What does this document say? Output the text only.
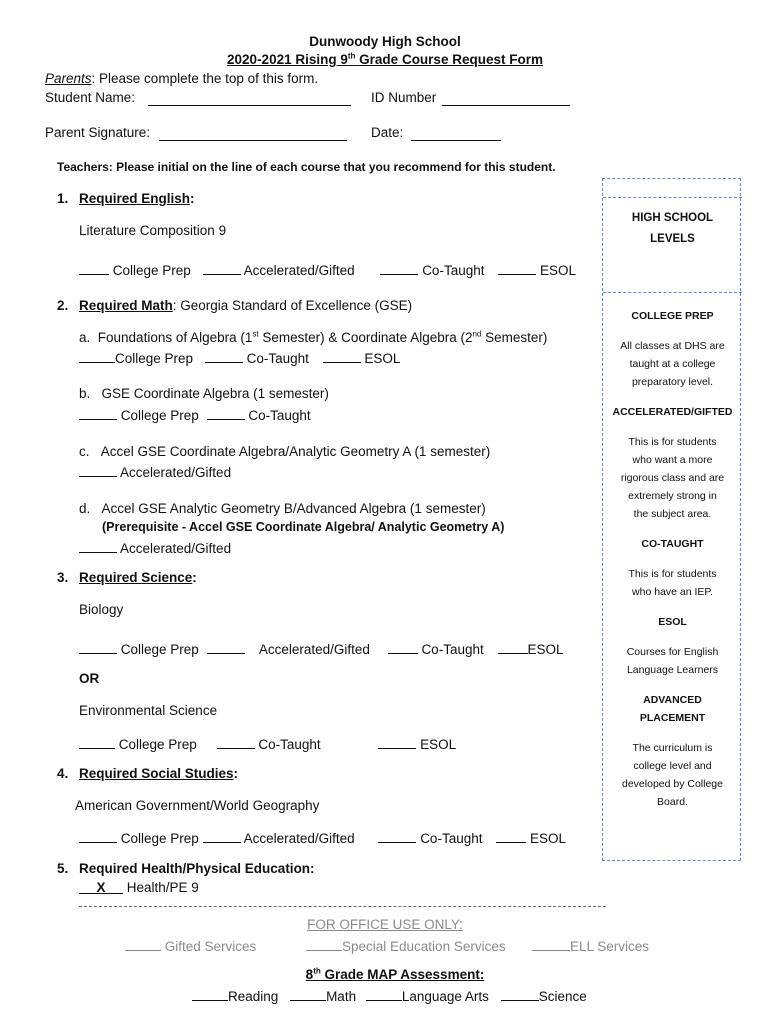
Dunwoody High School
2020-2021 Rising 9th Grade Course Request Form
Parents: Please complete the top of this form.
Student Name:	ID Number
Parent Signature:	Date:
Teachers: Please initial on the line of each course that you recommend for this student.
1. Required English:
Literature Composition 9
College Prep	Accelerated/Gifted	Co-Taught	ESOL
2. Required Math: Georgia Standard of Excellence (GSE)
a. Foundations of Algebra (1st Semester) & Coordinate Algebra (2nd Semester)
College Prep	Co-Taught	ESOL
b. GSE Coordinate Algebra (1 semester)
College Prep	Co-Taught
c. Accel GSE Coordinate Algebra/Analytic Geometry A (1 semester)
Accelerated/Gifted
d. Accel GSE Analytic Geometry B/Advanced Algebra (1 semester)
(Prerequisite - Accel GSE Coordinate Algebra/ Analytic Geometry A)
Accelerated/Gifted
3. Required Science:
Biology
College Prep	Accelerated/Gifted	Co-Taught	ESOL
OR
Environmental Science
College Prep	Co-Taught	ESOL
4. Required Social Studies:
American Government/World Geography
College Prep	Accelerated/Gifted	Co-Taught	ESOL
5. Required Health/Physical Education:
X Health/PE 9
FOR OFFICE USE ONLY:
Gifted Services	Special Education Services	ELL Services
8th Grade MAP Assessment:
Reading	Math	Language Arts	Science
HIGH SCHOOL
LEVELS
COLLEGE PREP
All classes at DHS are
taught at a college
preparatory level.
ACCELERATED/GIFTED
This is for students
who want a more
rigorous class and are
extremely strong in
the subject area.
CO-TAUGHT
This is for students
who have an IEP.
ESOL
Courses for English
Language Learners
ADVANCED
PLACEMENT
The curriculum is
college level and
developed by College
Board.
